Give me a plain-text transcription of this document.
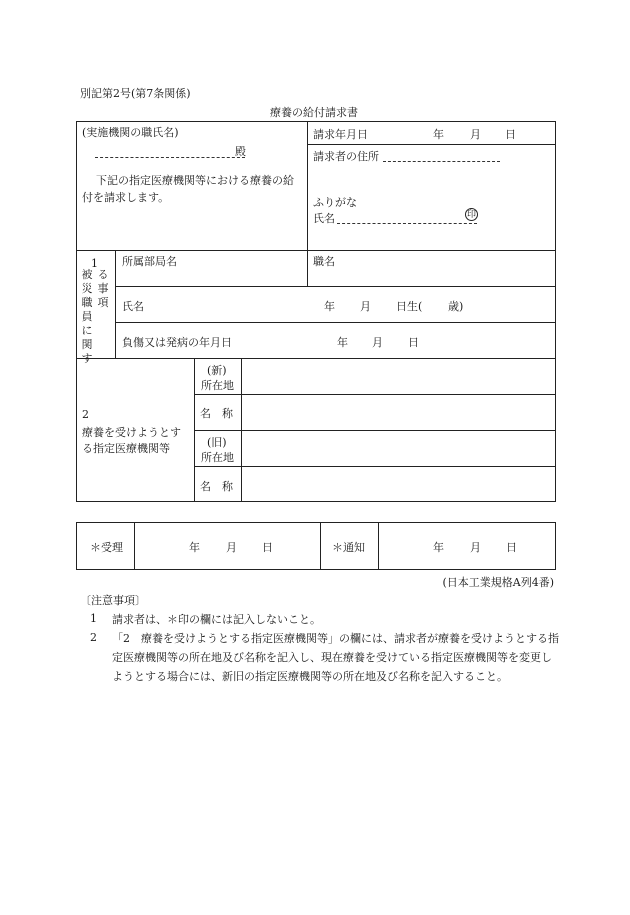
別記第2号(第7条関係)
療養の給付請求書
(実施機関の職氏名)
殿
下記の指定医療機関等における療養の給付を請求します。
請求年月日	年 月 日
請求者の住所
ふりがな
氏名	印
1
被災職員に関す
る事項
所属部局名	職名
氏名	年 月 日生( 歳)
負傷又は発病の年月日	年 月 日
2
療養を受けようとす
る指定医療機関等
(新)
所在地
名　称
(旧)
所在地
名　称
＊受理	年 月 日	＊通知	年 月 日
(日本工業規格A列4番)
〔注意事項〕
1 請求者は、＊印の欄には記入しないこと。
2 「2　療養を受けようとする指定医療機関等」の欄には、請求者が療養を受けようとする指定医療機関等の所在地及び名称を記入し、現在療養を受けている指定医療機関等を変更しようとする場合には、新旧の指定医療機関等の所在地及び名称を記入すること。
